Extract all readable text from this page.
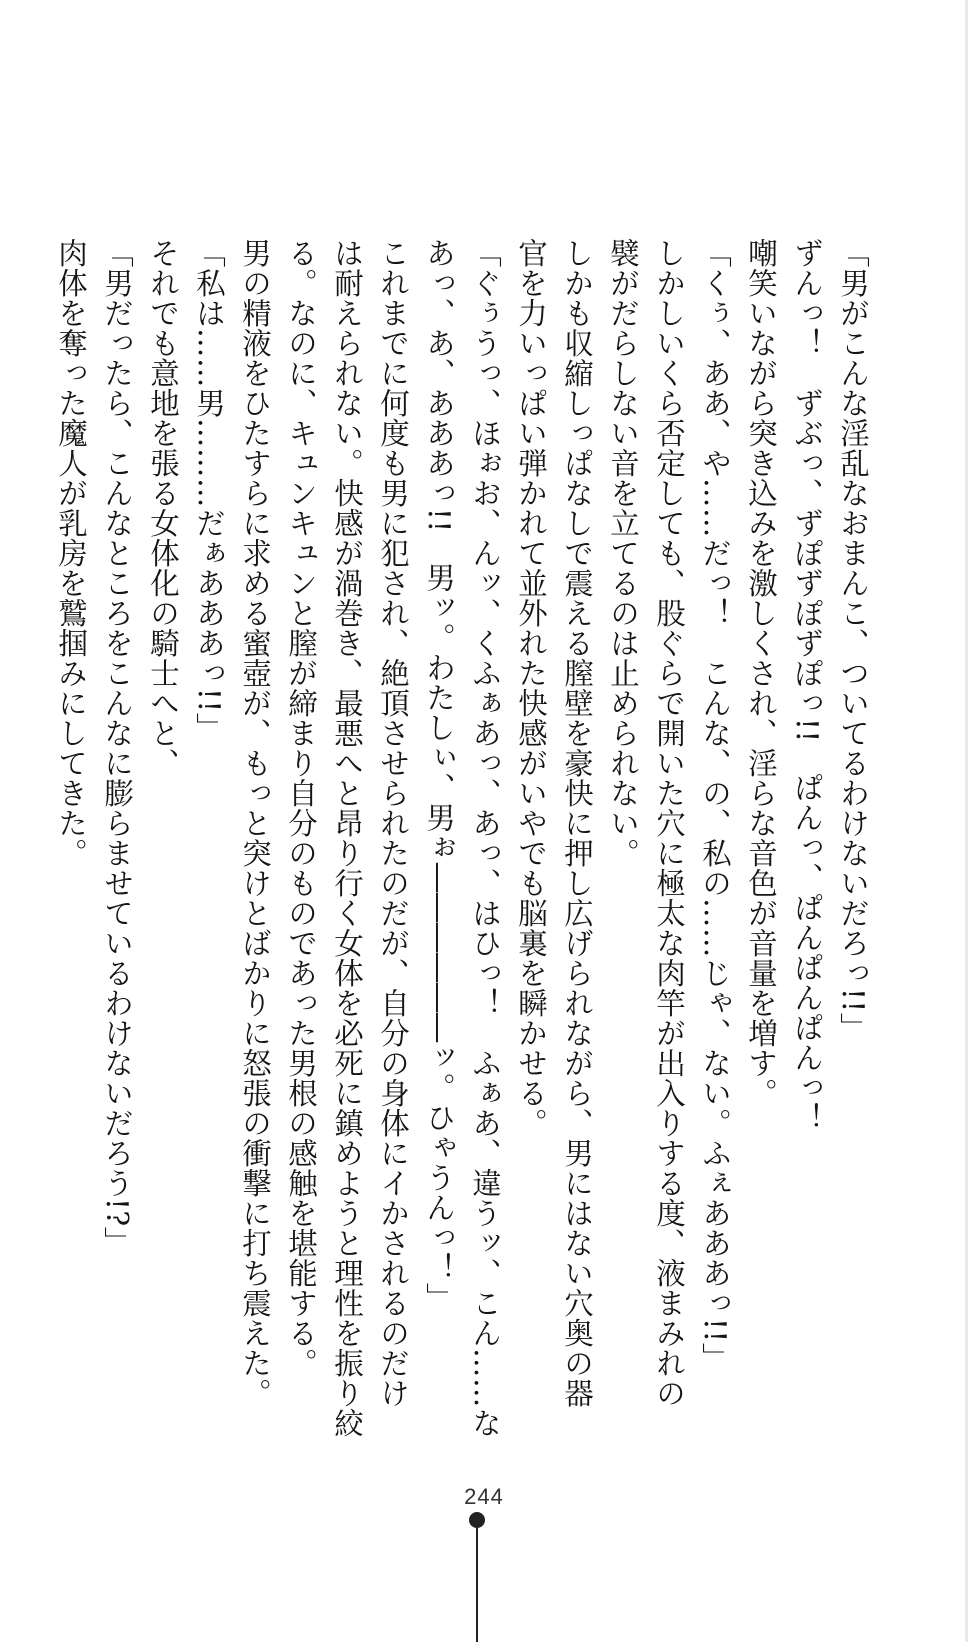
「男がこんな淫乱なおまんこ、ついてるわけないだろっ!!」
ずんっ！　ずぶっ、ずぽずぽずぽっ!!　ぱんっ、ぱんぱんぱんっ！
嘲笑いながら突き込みを激しくされ、淫らな音色が音量を増す。
「くぅ、ああ、や……だっ！　こんな、の、私の……じゃ、ない。ふぇあああっ!!」
しかしいくら否定しても、股ぐらで開いた穴に極太な肉竿が出入りする度、液まみれの
襞がだらしない音を立てるのは止められない。
しかも収縮しっぱなしで震える膣壁を豪快に押し広げられながら、男にはない穴奥の器
官を力いっぱい弾かれて並外れた快感がいやでも脳裏を瞬かせる。
「ぐぅうっ、ほぉお、んッ、くふぁあっ、あっ、はひっ！　ふぁあ、違うッ、こん……な
あっ、あ、あああっ!!　男ッ。わたしぃ、男ぉ――――――ッ。ひゃうんっ！」
これまでに何度も男に犯され、絶頂させられたのだが、自分の身体にイかされるのだけ
は耐えられない。快感が渦巻き、最悪へと昂り行く女体を必死に鎮めようと理性を振り絞
る。なのに、キュンキュンと膣が締まり自分のものであった男根の感触を堪能する。
男の精液をひたすらに求める蜜壺が、もっと突けとばかりに怒張の衝撃に打ち震えた。
「私は……男………だぁあああっ!!」
それでも意地を張る女体化の騎士へと、
「男だったら、こんなところをこんなに膨らませているわけないだろう!?」
肉体を奪った魔人が乳房を鷲掴みにしてきた。
244
